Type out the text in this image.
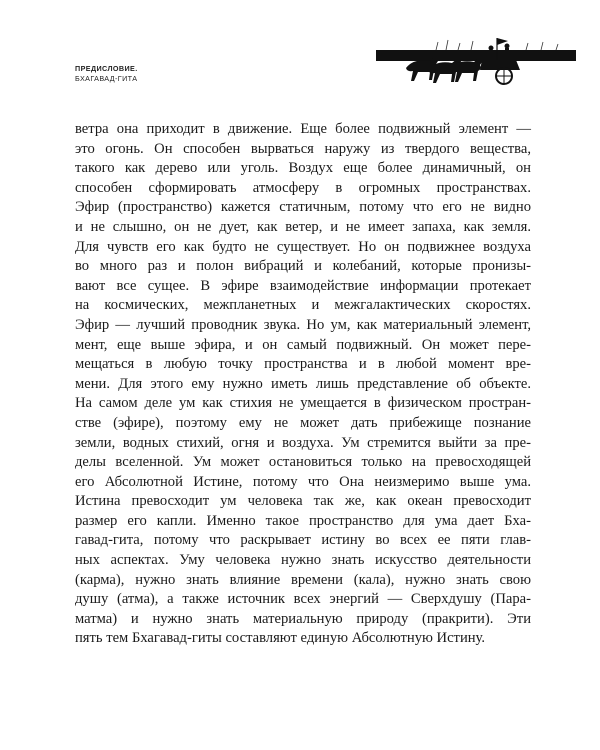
ПРЕДИСЛОВИЕ.
БХАГАВАД-ГИТА
ветра она приходит в движение. Еще более подвижный элемент —
это огонь. Он способен вырваться наружу из твердого вещества,
такого как дерево или уголь. Воздух еще более динамичный, он
способен сформировать атмосферу в огромных пространствах.
Эфир (пространство) кажется статичным, потому что его не видно
и не слышно, он не дует, как ветер, и не имеет запаха, как земля.
Для чувств его как будто не существует. Но он подвижнее воздуха
во много раз и полон вибраций и колебаний, которые пронизы-
вают все сущее. В эфире взаимодействие информации протекает
на космических, межпланетных и межгалактических скоростях.
Эфир — лучший проводник звука. Но ум, как материальный элемент,
мент, еще выше эфира, и он самый подвижный. Он может пере-
мещаться в любую точку пространства и в любой момент вре-
мени. Для этого ему нужно иметь лишь представление об объекте.
На самом деле ум как стихия не умещается в физическом простран-
стве (эфире), поэтому ему не может дать прибежище познание
земли, водных стихий, огня и воздуха. Ум стремится выйти за пре-
делы вселенной. Ум может остановиться только на превосходящей
его Абсолютной Истине, потому что Она неизмеримо выше ума.
Истина превосходит ум человека так же, как океан превосходит
размер его капли. Именно такое пространство для ума дает Бха-
гавад-гита, потому что раскрывает истину во всех ее пяти глав-
ных аспектах. Уму человека нужно знать искусство деятельности
(карма), нужно знать влияние времени (кала), нужно знать свою
душу (атма), а также источник всех энергий — Сверхдушу (Пара-
матма) и нужно знать материальную природу (пракрити). Эти
пять тем Бхагавад-гиты составляют единую Абсолютную Истину.
